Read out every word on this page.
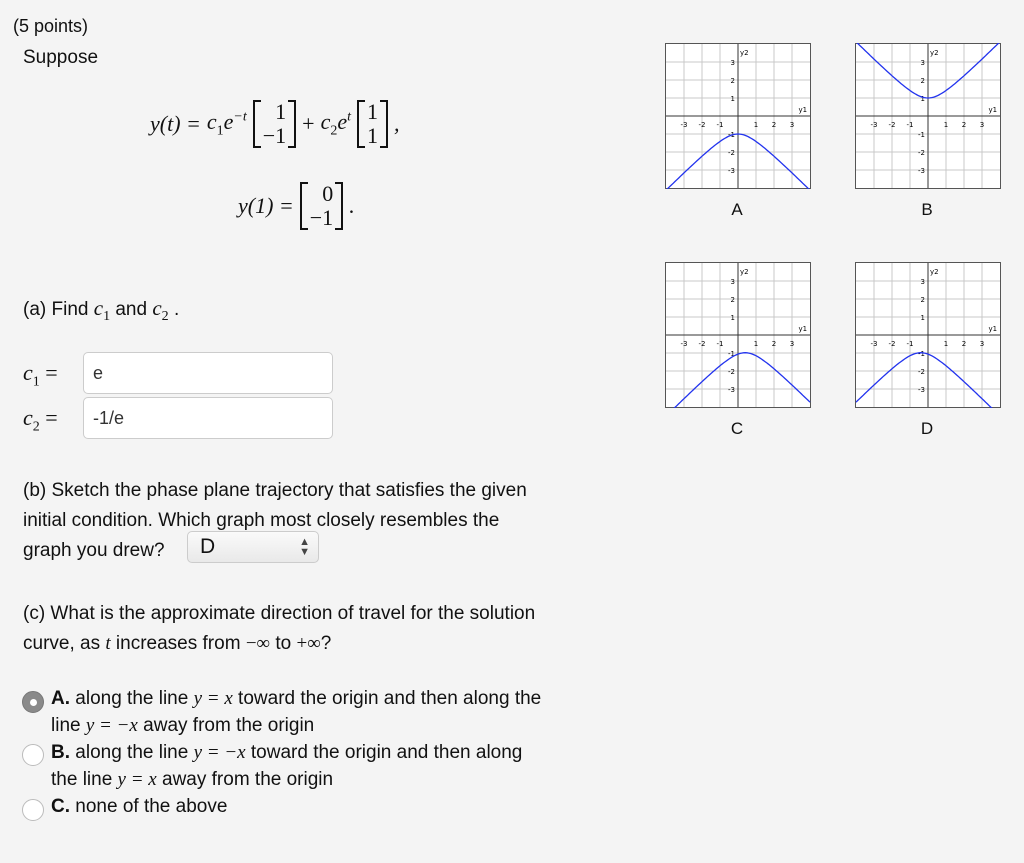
(5 points)
Suppose
$y(t) = c_1e^{-t}$ 1
$-1 + c_2e^t$ 1
1 ,
y(1) = 0
−1 .
(a) Find $c_1$ and $c_2$ .
$c_1$ =	e
$c_2$ =	-1/e
(b) Sketch the phase plane trajectory that satisfies the given
initial condition. Which graph most closely resembles the
graph you drew?	D	▲
▼
(c) What is the approximate direction of travel for the solution
curve, as t increases from −∞ to +∞?
A. along the line y = x toward the origin and then along the
line y = −x away from the origin
B. along the line y = −x toward the origin and then along
the line y = x away from the origin
C. none of the above
-3
-3
-2
-2
-1
-1
1
1
2
2
3
3
y1
y2
A
-3
-3
-2
-2
-1
-1
1
1
2
2
3
3
y1
y2
B
-3
-3
-2
-2
-1
-1
1
1
2
2
3
3
y1
y2
C
-3
-3
-2
-2
-1
-1
1
1
2
2
3
3
y1
y2
D
